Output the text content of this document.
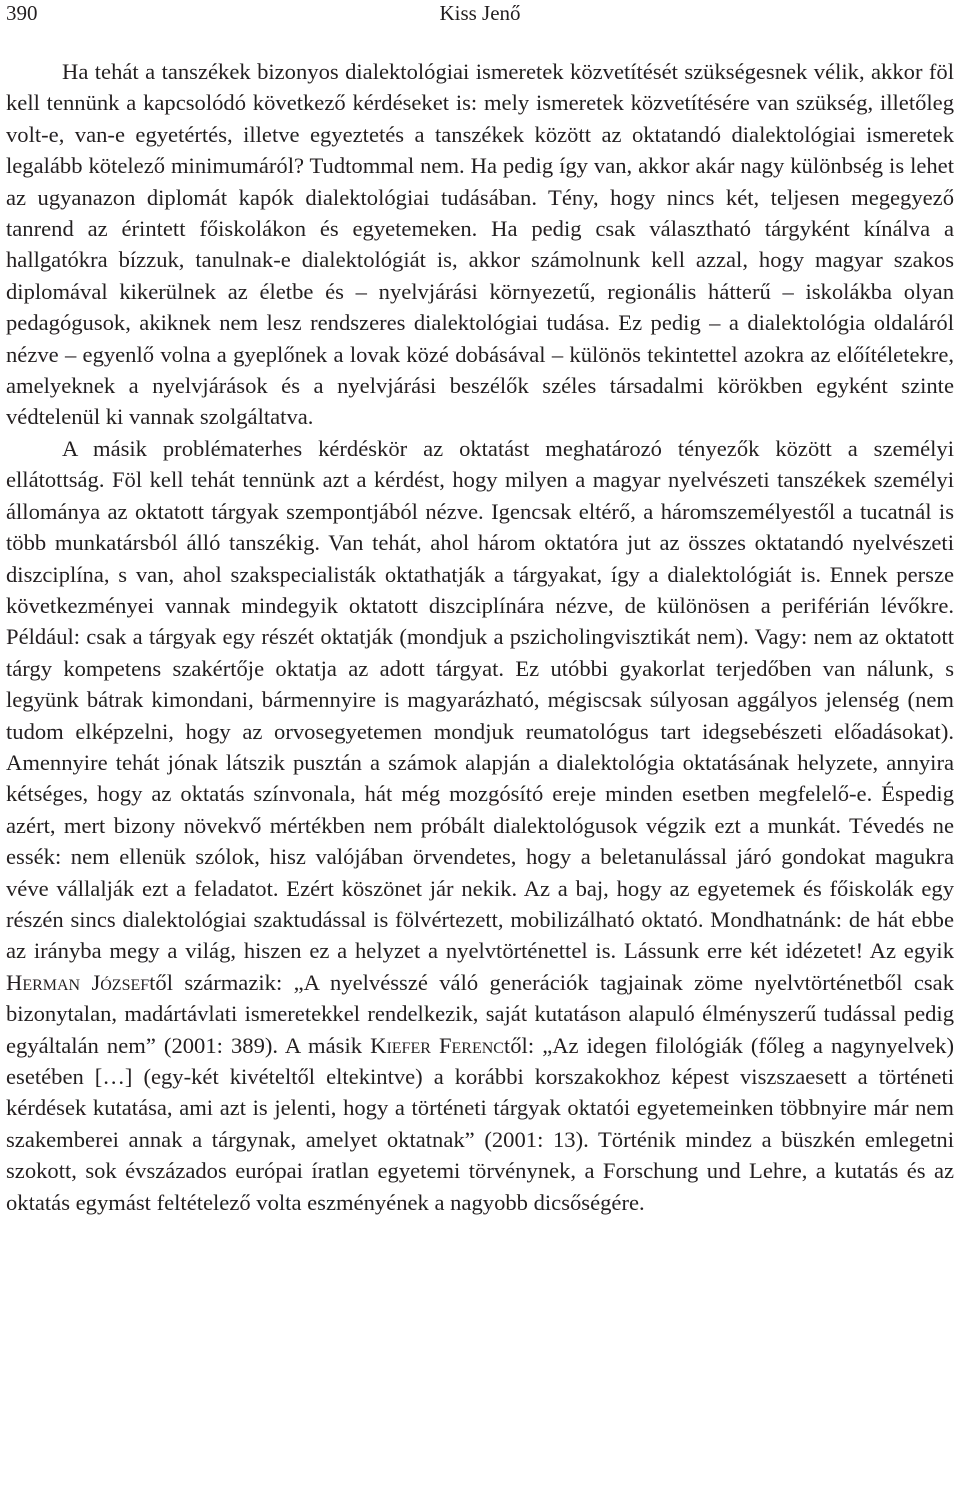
390	Kiss Jenő

Ha tehát a tanszékek bizonyos dialektológiai ismeretek közvetítését szükségesnek vélik, akkor föl kell tennünk a kapcsolódó következő kérdéseket is: mely ismeretek közvetítésére van szükség, illetőleg volt-e, van-e egyetértés, illetve egyeztetés a tanszékek között az oktatandó dialektológiai ismeretek legalább kötelező minimumáról? Tudtommal nem. Ha pedig így van, akkor akár nagy különbség is lehet az ugyanazon diplomát kapók dialektológiai tudásában. Tény, hogy nincs két, teljesen megegyező tanrend az érintett főiskolákon és egyetemeken. Ha pedig csak választható tárgyként kínálva a hallgatókra bízzuk, tanulnak-e dialektológiát is, akkor számolnunk kell azzal, hogy magyar szakos diplomával kikerülnek az életbe és – nyelvjárási környezetű, regionális hátterű – iskolákba olyan pedagógusok, akiknek nem lesz rendszeres dialektológiai tudása. Ez pedig – a dialektológia oldaláról nézve – egyenlő volna a gyeplőnek a lovak közé dobásával – különös tekintettel azokra az előítéletekre, amelyeknek a nyelvjárások és a nyelvjárási beszélők széles társadalmi körökben egyként szinte védtelenül ki vannak szolgáltatva.

A másik problématerhes kérdéskör az oktatást meghatározó tényezők között a személyi ellátottság. Föl kell tehát tennünk azt a kérdést, hogy milyen a magyar nyelvészeti tanszékek személyi állománya az oktatott tárgyak szempontjából nézve. Igencsak eltérő, a háromszemélyestől a tucatnál is több munkatársból álló tanszékig. Van tehát, ahol három oktatóra jut az összes oktatandó nyelvészeti diszciplína, s van, ahol szakspecialisták oktathatják a tárgyakat, így a dialektológiát is. Ennek persze következményei vannak mindegyik oktatott diszciplínára nézve, de különösen a periférián lévőkre. Például: csak a tárgyak egy részét oktatják (mondjuk a pszicholingvisztikát nem). Vagy: nem az oktatott tárgy kompetens szakértője oktatja az adott tárgyat. Ez utóbbi gyakorlat terjedőben van nálunk, s legyünk bátrak kimondani, bármennyire is magyarázható, mégiscsak súlyosan aggályos jelenség (nem tudom elképzelni, hogy az orvosegyetemen mondjuk reumatológus tart idegsebészeti előadásokat). Amennyire tehát jónak látszik pusztán a számok alapján a dialektológia oktatásának helyzete, annyira kétséges, hogy az oktatás színvonala, hát még mozgósító ereje minden esetben megfelelő-e. Éspedig azért, mert bizony növekvő mértékben nem próbált dialektológusok végzik ezt a munkát. Tévedés ne essék: nem ellenük szólok, hisz valójában örvendetes, hogy a beletanulással járó gondokat magukra véve vállalják ezt a feladatot. Ezért köszönet jár nekik. Az a baj, hogy az egyetemek és főiskolák egy részén sincs dialektológiai szaktudással is fölvértezett, mobilizálható oktató. Mondhatnánk: de hát ebbe az irányba megy a világ, hiszen ez a helyzet a nyelvtörténettel is. Lássunk erre két idézetet! Az egyik Herman Józseftől származik: „A nyelvésszé váló generációk tagjainak zöme nyelvtörténetből csak bizonytalan, madártávlati ismeretekkel rendelkezik, saját kutatáson alapuló élményszerű tudással pedig egyáltalán nem” (2001: 389). A másik Kiefer Ferenctől: „Az idegen filológiák (főleg a nagynyelvek) esetében […] (egy-két kivételtől eltekintve) a korábbi korszakokhoz képest viszszaesett a történeti kérdések kutatása, ami azt is jelenti, hogy a történeti tárgyak oktatói egyetemeinken többnyire már nem szakemberei annak a tárgynak, amelyet oktatnak” (2001: 13). Történik mindez a büszkén emlegetni szokott, sok évszázados európai íratlan egyetemi törvénynek, a Forschung und Lehre, a kutatás és az oktatás egymást feltételező volta eszményének a nagyobb dicsőségére.
